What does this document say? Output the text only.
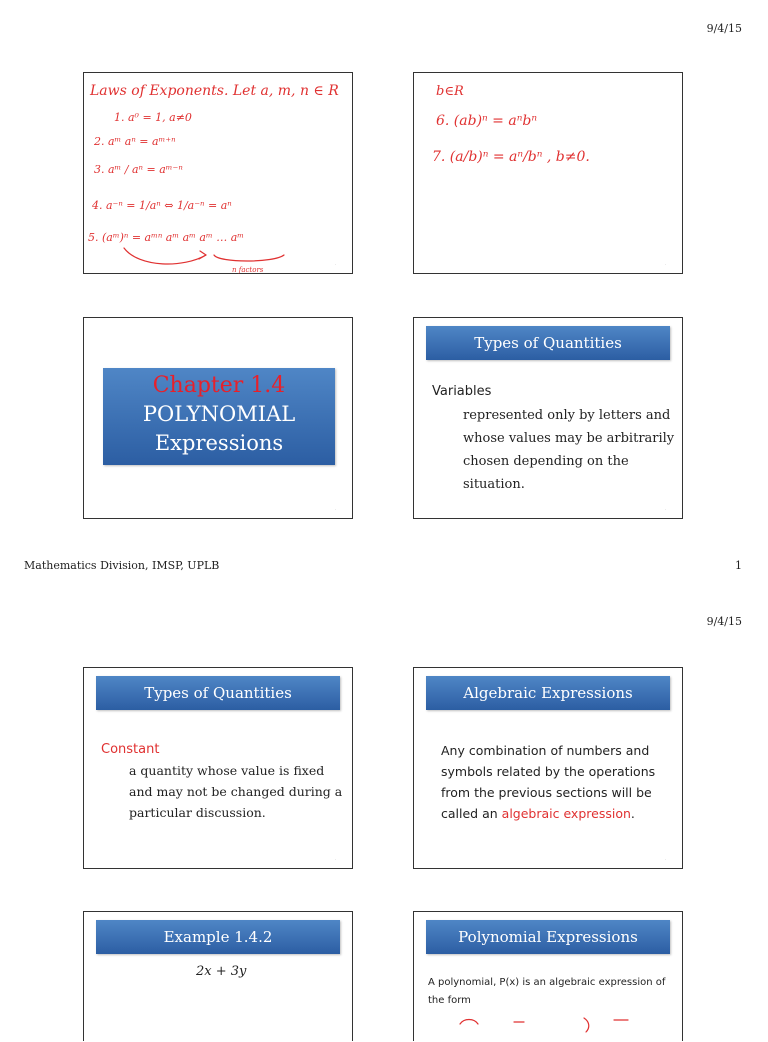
9/4/15
Laws of Exponents. Let a, m, n ∈ R
1. a⁰ = 1, a≠0
2. aᵐ aⁿ = aᵐ⁺ⁿ
3. aᵐ / aⁿ = aᵐ⁻ⁿ
4. a⁻ⁿ = 1/aⁿ ⇔ 1/a⁻ⁿ = aⁿ
5. (aᵐ)ⁿ = aᵐⁿ aᵐ aᵐ aᵐ … aᵐ
n factors
·
b∈R
6. (ab)ⁿ = aⁿbⁿ
7. (a/b)ⁿ = aⁿ/bⁿ , b≠0.
·
Chapter 1.4
POLYNOMIAL
Expressions
·
Types of Quantities
Variables
represented only by letters and whose values may be arbitrarily chosen depending on the situation.
·
Mathematics Division, IMSP, UPLB	1
9/4/15
Types of Quantities
Constant
a quantity whose value is fixed and may not be changed during a particular discussion.
·
Algebraic Expressions
Any combination of numbers and symbols related by the operations from the previous sections will be called an algebraic expression.
·
Example 1.4.2
2x + 3y
Polynomial Expressions
A polynomial, P(x) is an algebraic expression of the form
